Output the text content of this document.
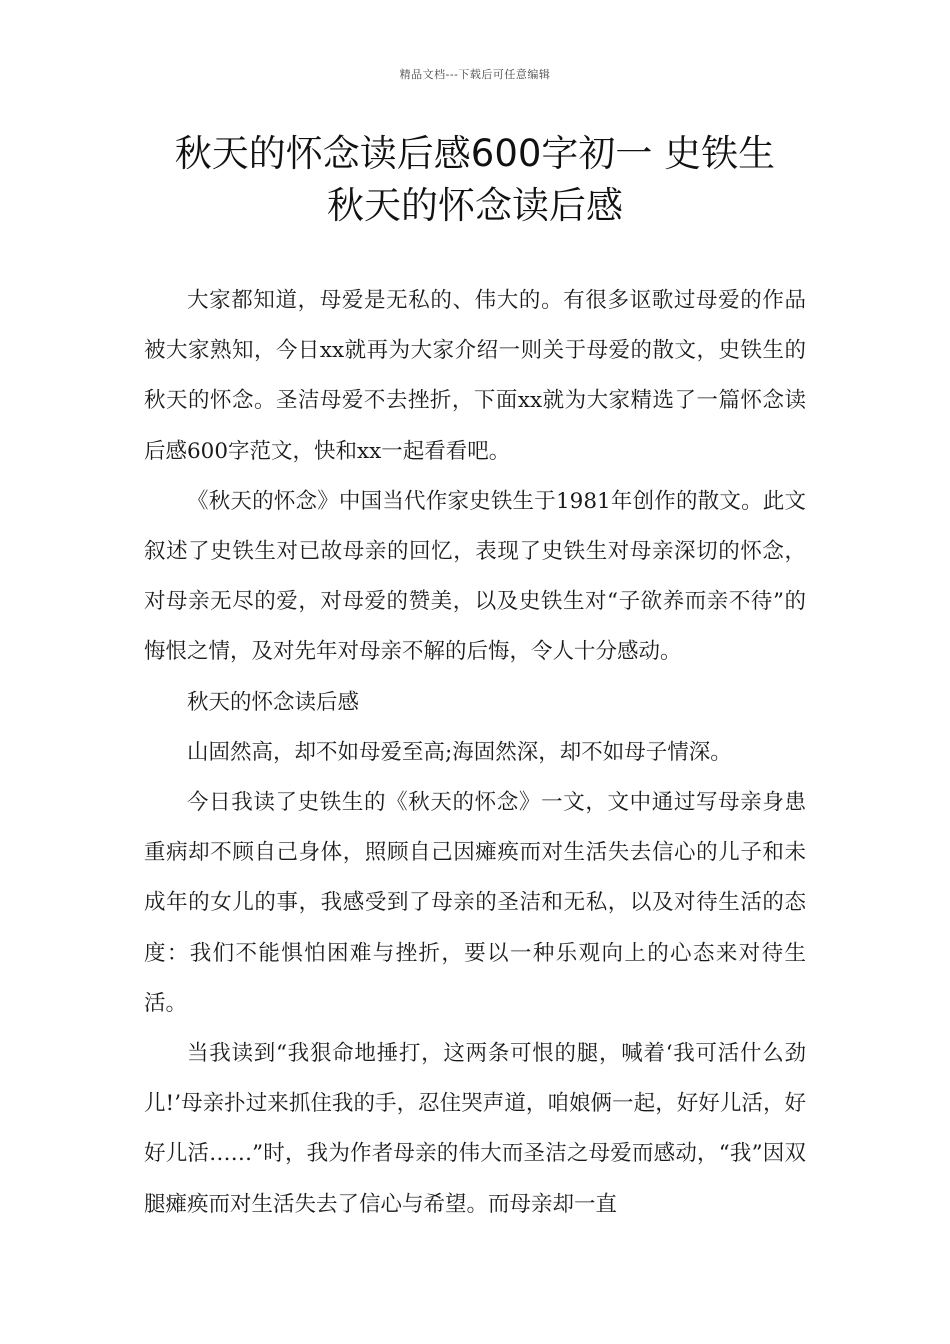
精品文档---下载后可任意编辑
秋天的怀念读后感600字初一 史铁生
秋天的怀念读后感

大家都知道，母爱是无私的、伟大的。有很多讴歌过母爱的作品被大家熟知，今日xx就再为大家介绍一则关于母爱的散文，史铁生的秋天的怀念。圣洁母爱不去挫折，下面xx就为大家精选了一篇怀念读后感600字范文，快和xx一起看看吧。

《秋天的怀念》中国当代作家史铁生于1981年创作的散文。此文叙述了史铁生对已故母亲的回忆，表现了史铁生对母亲深切的怀念，对母亲无尽的爱，对母爱的赞美，以及史铁生对“子欲养而亲不待”的悔恨之情，及对先年对母亲不解的后悔，令人十分感动。

秋天的怀念读后感

山固然高，却不如母爱至高;海固然深，却不如母子情深。

今日我读了史铁生的《秋天的怀念》一文，文中通过写母亲身患重病却不顾自己身体，照顾自己因瘫痪而对生活失去信心的儿子和未成年的女儿的事，我感受到了母亲的圣洁和无私，以及对待生活的态度：我们不能惧怕困难与挫折，要以一种乐观向上的心态来对待生活。

当我读到“我狠命地捶打，这两条可恨的腿，喊着‘我可活什么劲儿!’母亲扑过来抓住我的手，忍住哭声道，咱娘俩一起，好好儿活，好好儿活……”时，我为作者母亲的伟大而圣洁之母爱而感动，“我”因双腿瘫痪而对生活失去了信心与希望。而母亲却一直
